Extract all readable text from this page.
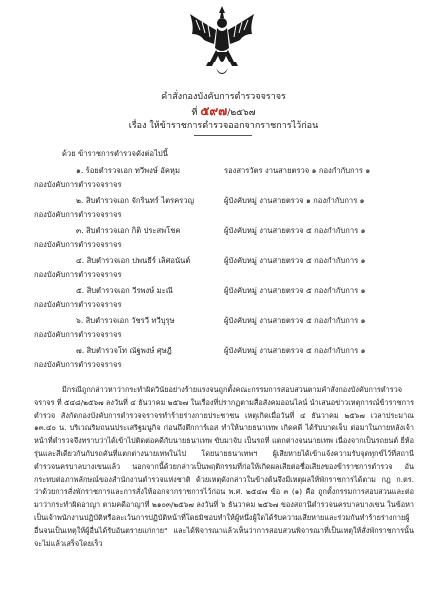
คำสั่งกองบังคับการตำรวจจราจร
ที่ ๕๙๗/๒๕๖๗
เรื่อง ให้ข้าราชการตำรวจออกจากราชการไว้ก่อน
ด้วย ข้าราชการตำรวจดังต่อไปนี้
๑. ร้อยตำรวจเอก ทวีพงษ์ อัคหุม	รองสารวัตร งานสายตรวจ ๑ กองกำกับการ ๑
กองบังคับการตำรวจจราจร
๒. สิบตำรวจเอก จักรินทร์ ไตรครวญ	ผู้บังคับหมู่ งานสายตรวจ ๑ กองกำกับการ ๑
กองบังคับการตำรวจจราจร
๓. สิบตำรวจเอก กิติ ประสพโชค	ผู้บังคับหมู่ งานสายตรวจ ๕ กองกำกับการ ๑
กองบังคับการตำรวจจราจร
๔. สิบตำรวจเอก ปพนธีร์ เลิศอนันต์	ผู้บังคับหมู่ งานสายตรวจ ๕ กองกำกับการ ๑
กองบังคับการตำรวจจราจร
๕. สิบตำรวจเอก วีรพงษ์ มะณี	ผู้บังคับหมู่ งานสายตรวจ ๕ กองกำกับการ ๑
กองบังคับการตำรวจจราจร
๖. สิบตำรวจเอก วัชรวี ทวีบุรุษ	ผู้บังคับหมู่ งานสายตรวจ ๕ กองกำกับการ ๑
กองบังคับการตำรวจจราจร
๗. สิบตำรวจโท ณัฐพงษ์ ศุษฎี	ผู้บังคับหมู่ งานสายตรวจ ๕ กองกำกับการ ๑
กองบังคับการตำรวจจราจร
มีกรณีถูกกล่าวหาว่ากระทำผิดวินัยอย่างร้ายแรงจนถูกตั้งคณะกรรมการสอบสวนตามคำสั่งกองบังคับการตำรวจจราจร ที่ ๕๔๘/๒๕๖๗ ลงวันที่ ๔ ธันวาคม ๒๕๖๗ ในเรื่องที่ปรากฏตามสื่อสังคมออนไลน์ นำเสนอข่าวเหตุการณ์ข้าราชการตำรวจ สังกัดกองบังคับการตำรวจจราจรทำร้ายร่างกายประชาชน เหตุเกิดเมื่อวันที่ ๔ ธันวาคม ๒๕๖๗ เวลาประมาณ ๑๓.๔๐ น. บริเวณริมถนนประเสริฐมนูกิจ ก่อนถึงตึกการ์เอส ทำให้นายธนาเทพ เกิดคดี ได้รับบาดเจ็บ ต่อมาในภายหลังเจ้าหน้าที่ตำรวจจึงทราบว่าได้เข้าไปติดต่อคดีกับนายธนาเทพ ขับมาจับ เป็นรถที่ แตกต่างจนนายเทพ เนื่องจากเป็นรถยนต์ ยี่ห้อ รุ่นและสีเดียวกันกับรถคันที่แตกต่างนายเทพในไป โดยนายธนาเทพฯ ผู้เสียหายได้เข้าแจ้งความรับจุดทุกข์ไว้ที่สถานีตำรวจนครบาลบางเขนแล้ว นอกจากนี้ด้วยกล่าวเป็นพฤติกรรมที่ก่อให้เกิดผลเสียต่อชื่อเสียงของข้าราชการตำรวจ อันกระทบต่อภาพลักษณ์ของสำนักงานตำรวจแห่งชาติ ด้วยเหตุดังกล่าวในข้างต้นจึงมีเหตุผลให้พักราชการได้ตาม กฎ ก.ตร. ว่าด้วยการสั่งพักราชการและการสั่งให้ออกจากราชการไว้ก่อน พ.ศ. ๒๕๔๗ ข้อ ๓ (๑) คือ ถูกตั้งกรรมการสอบสวนและต่อมาว่ากระทำผิดอาญา ตามคดีอาญาที่ ๒๑๐๓/๒๕๖๗ ลงวันที่ ๖ ธันวาคม ๒๕๖๗ ของสถานีตำรวจนครบาลบางเขน ในข้อหา เป็นเจ้าพนักงานปฏิบัติหรือละเว้นการปฏิบัติหน้าที่โดยมิชอบทำให้ผู้หนึ่งผู้ใดได้รับความเสียหายและร่วมกันทำร้ายร่างกายผู้อื่นจนเป็นเหตุให้ผู้อื่นได้รับอันตรายแก่กาย" และได้พิจารณาแล้วเห็นว่าการสอบสวนพิจารณาที่เป็นเหตุให้สั่งพักราชการนั้นจะไม่แล้วเสร็จโดยเร็ว
